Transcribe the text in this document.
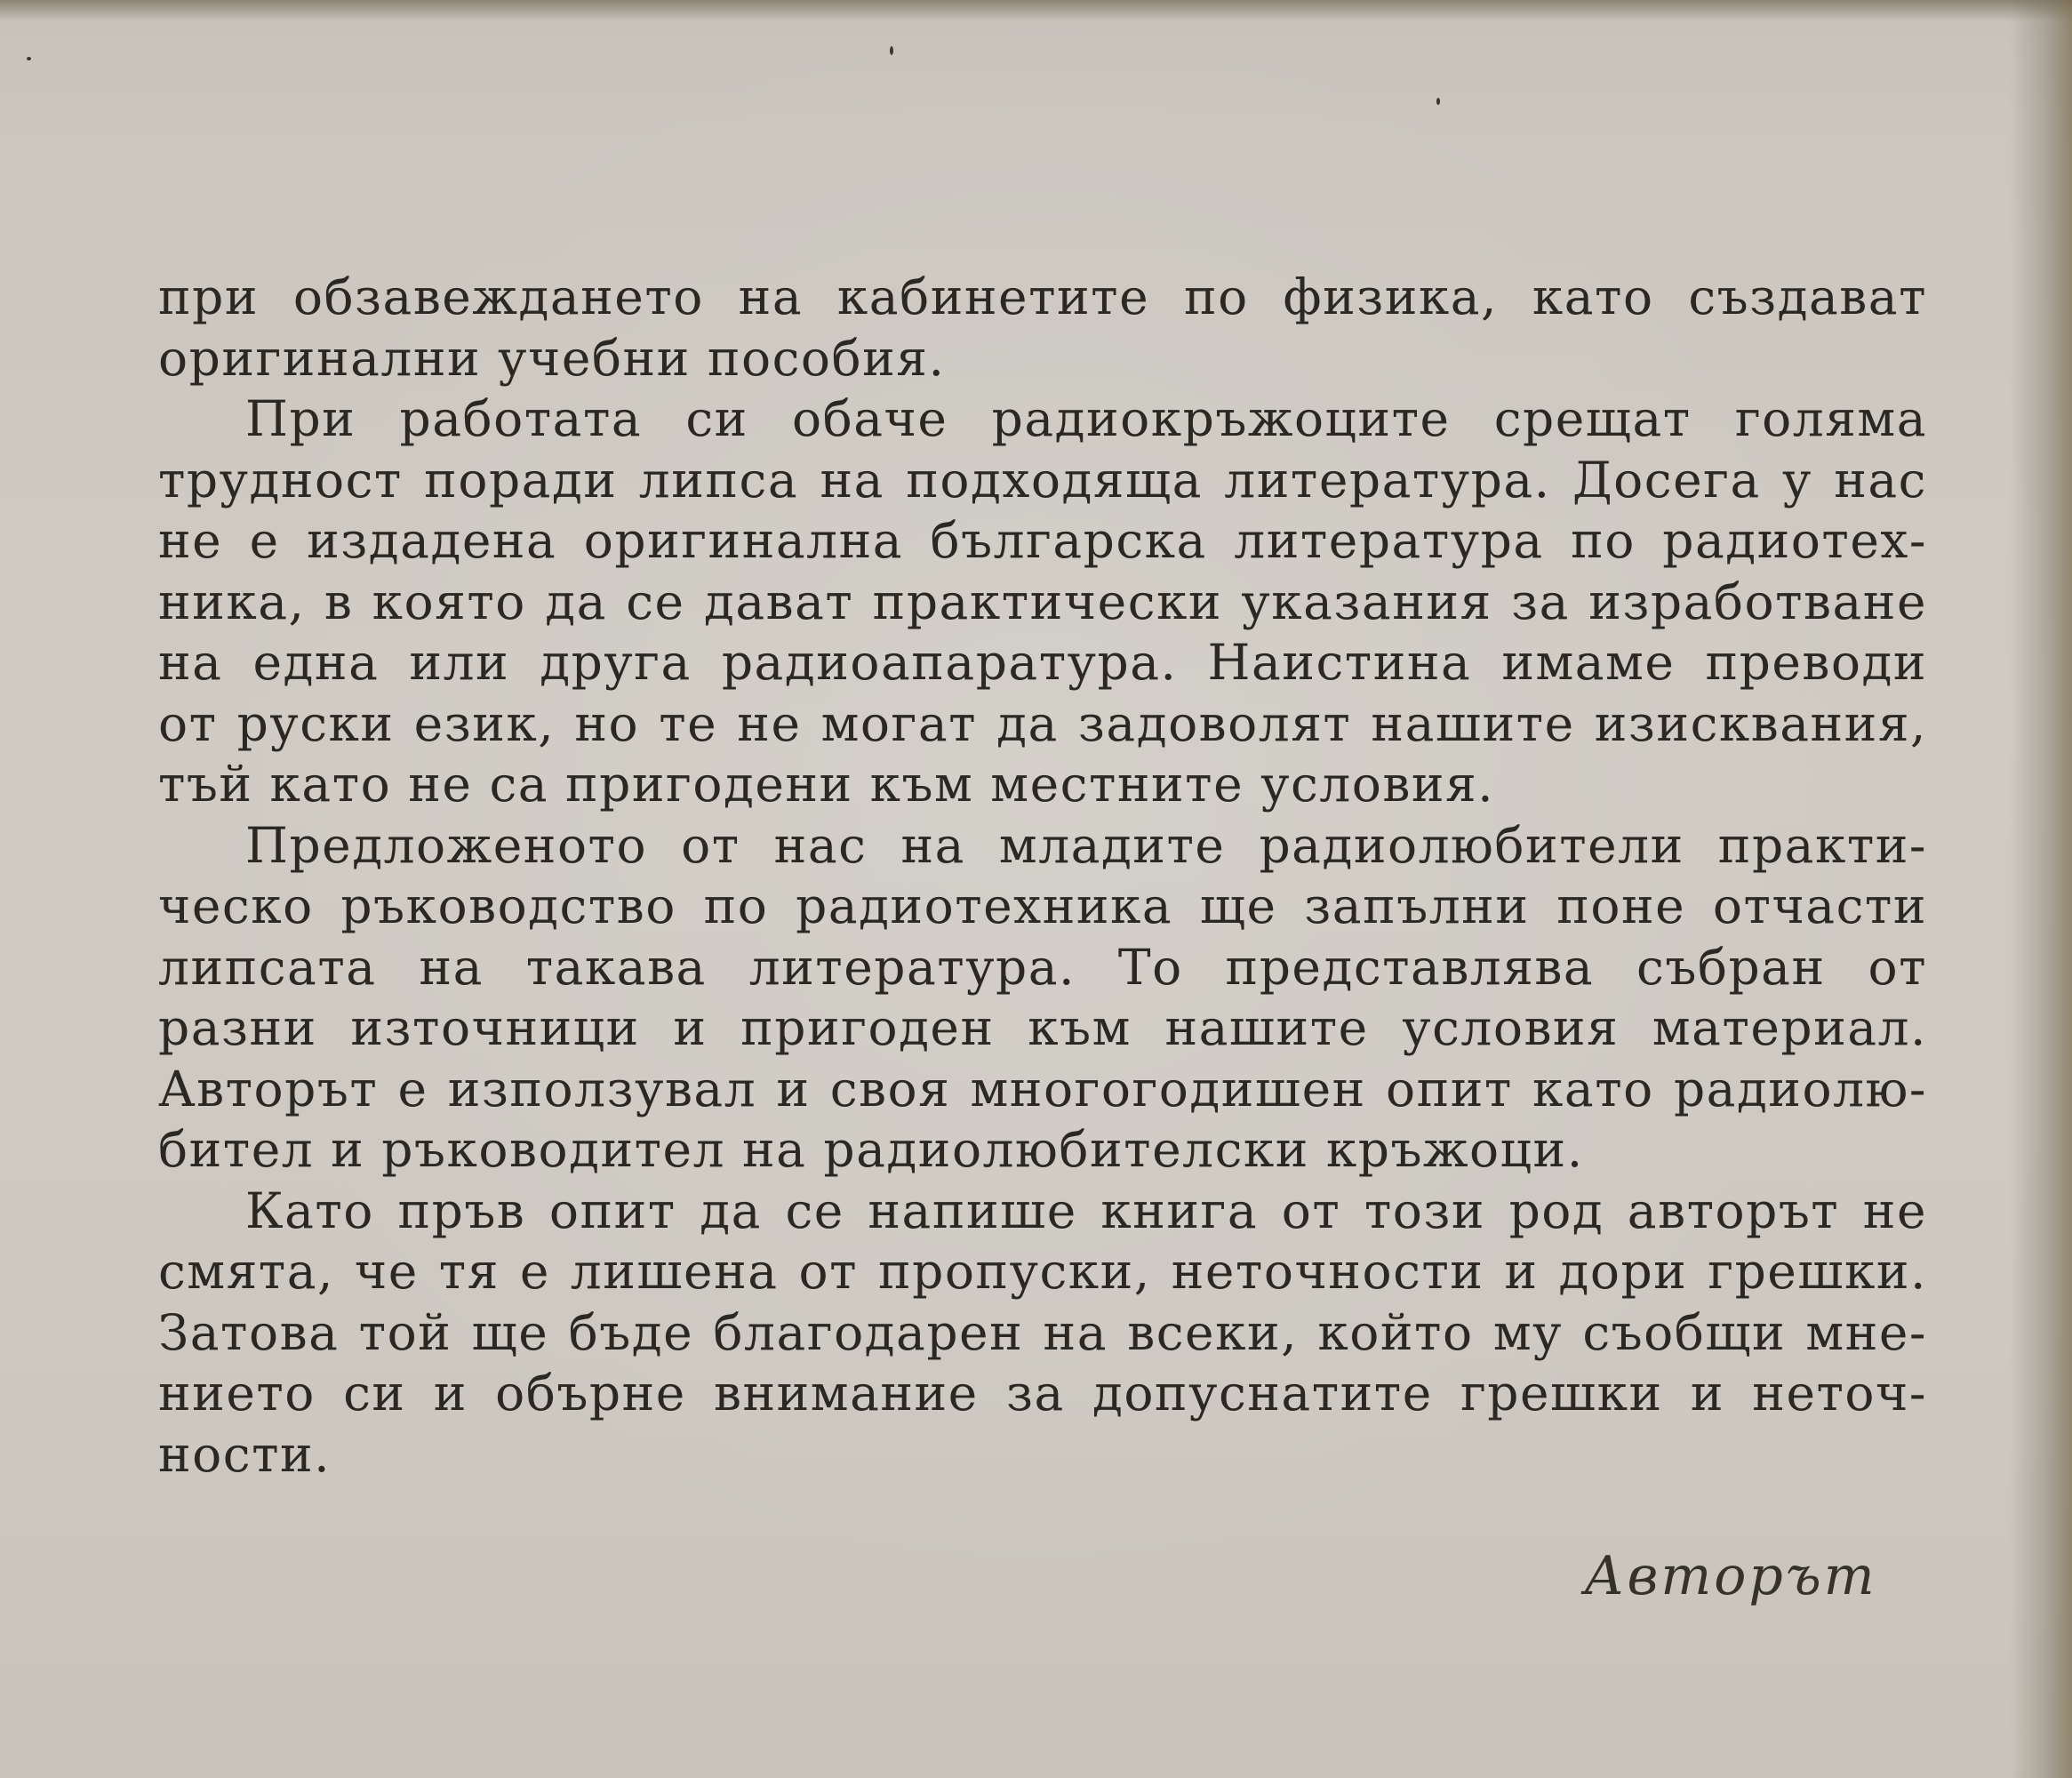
при обзавеждането на кабинетите по физика, като създават
оригинални учебни пособия.
При работата си обаче радиокръжоците срещат голяма
трудност поради липса на подходяща литература. Досега у нас
не е издадена оригинална българска литература по радиотех-
ника, в която да се дават практически указания за изработване
на една или друга радиоапаратура. Наистина имаме преводи
от руски език, но те не могат да задоволят нашите изисквания,
тъй като не са пригодени към местните условия.
Предложеното от нас на младите радиолюбители практи-
ческо ръководство по радиотехника ще запълни поне отчасти
липсата на такава литература. То представлява събран от
разни източници и пригоден към нашите условия материал.
Авторът е използувал и своя многогодишен опит като радиолю-
бител и ръководител на радиолюбителски кръжоци.
Като пръв опит да се напише книга от този род авторът не
смята, че тя е лишена от пропуски, неточности и дори грешки.
Затова той ще бъде благодарен на всеки, който му съобщи мне-
нието си и обърне внимание за допуснатите грешки и неточ-
ности.
Авторът
